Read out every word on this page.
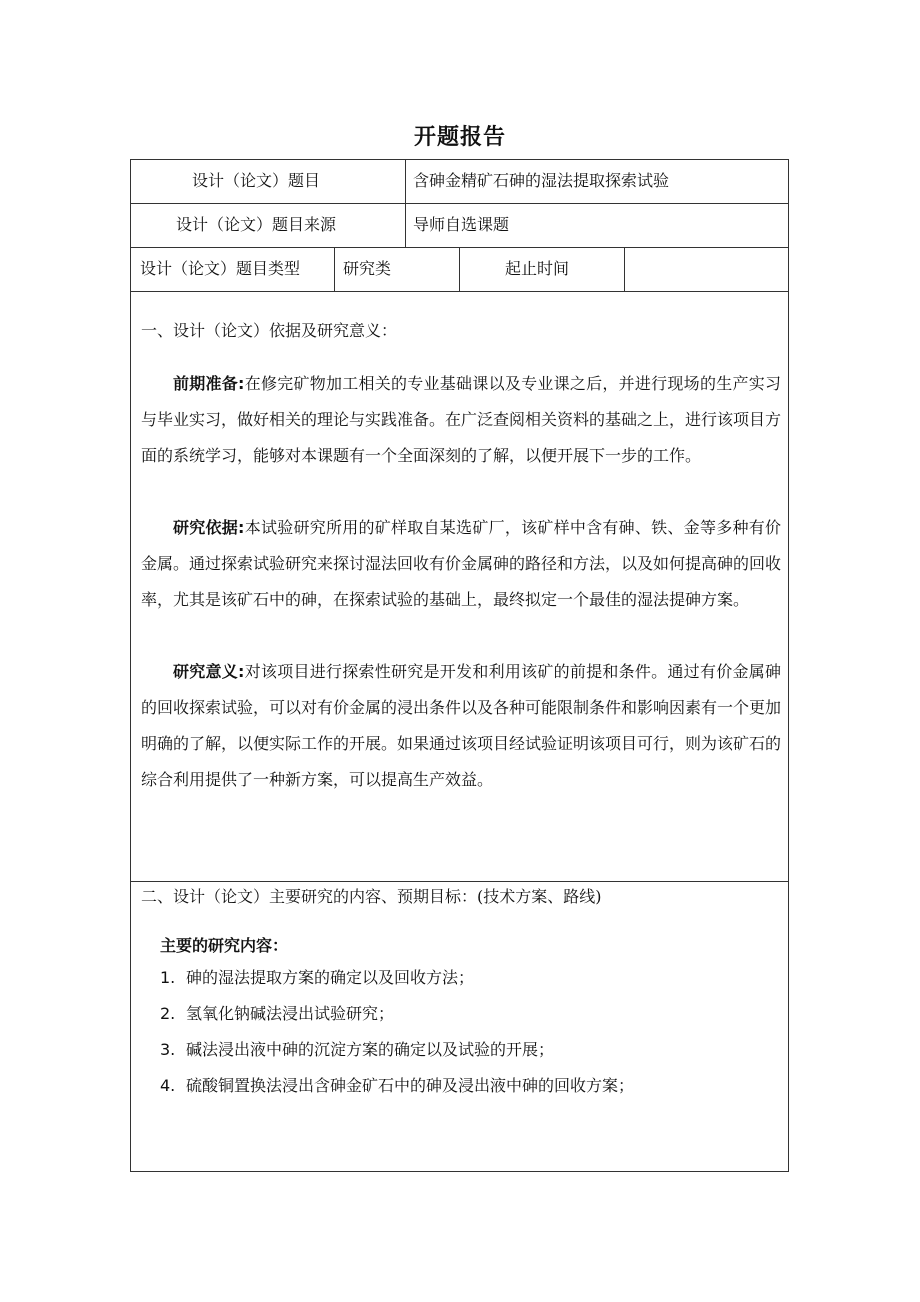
开题报告
设计（论文）题目	含砷金精矿石砷的湿法提取探索试验
设计（论文）题目来源	导师自选课题
设计（论文）题目类型	研究类	起止时间
一、设计（论文）依据及研究意义：

前期准备:在修完矿物加工相关的专业基础课以及专业课之后，并进行现场的生产实习与毕业实习，做好相关的理论与实践准备。在广泛查阅相关资料的基础之上，进行该项目方面的系统学习，能够对本课题有一个全面深刻的了解，以便开展下一步的工作。

研究依据:本试验研究所用的矿样取自某选矿厂，该矿样中含有砷、铁、金等多种有价金属。通过探索试验研究来探讨湿法回收有价金属砷的路径和方法，以及如何提高砷的回收率，尤其是该矿石中的砷，在探索试验的基础上，最终拟定一个最佳的湿法提砷方案。

研究意义:对该项目进行探索性研究是开发和利用该矿的前提和条件。通过有价金属砷的回收探索试验，可以对有价金属的浸出条件以及各种可能限制条件和影响因素有一个更加明确的了解，以便实际工作的开展。如果通过该项目经试验证明该项目可行，则为该矿石的综合利用提供了一种新方案，可以提高生产效益。

二、设计（论文）主要研究的内容、预期目标：(技术方案、路线)
主要的研究内容：
1. 砷的湿法提取方案的确定以及回收方法；
2. 氢氧化钠碱法浸出试验研究；
3. 碱法浸出液中砷的沉淀方案的确定以及试验的开展；
4. 硫酸铜置换法浸出含砷金矿石中的砷及浸出液中砷的回收方案；
